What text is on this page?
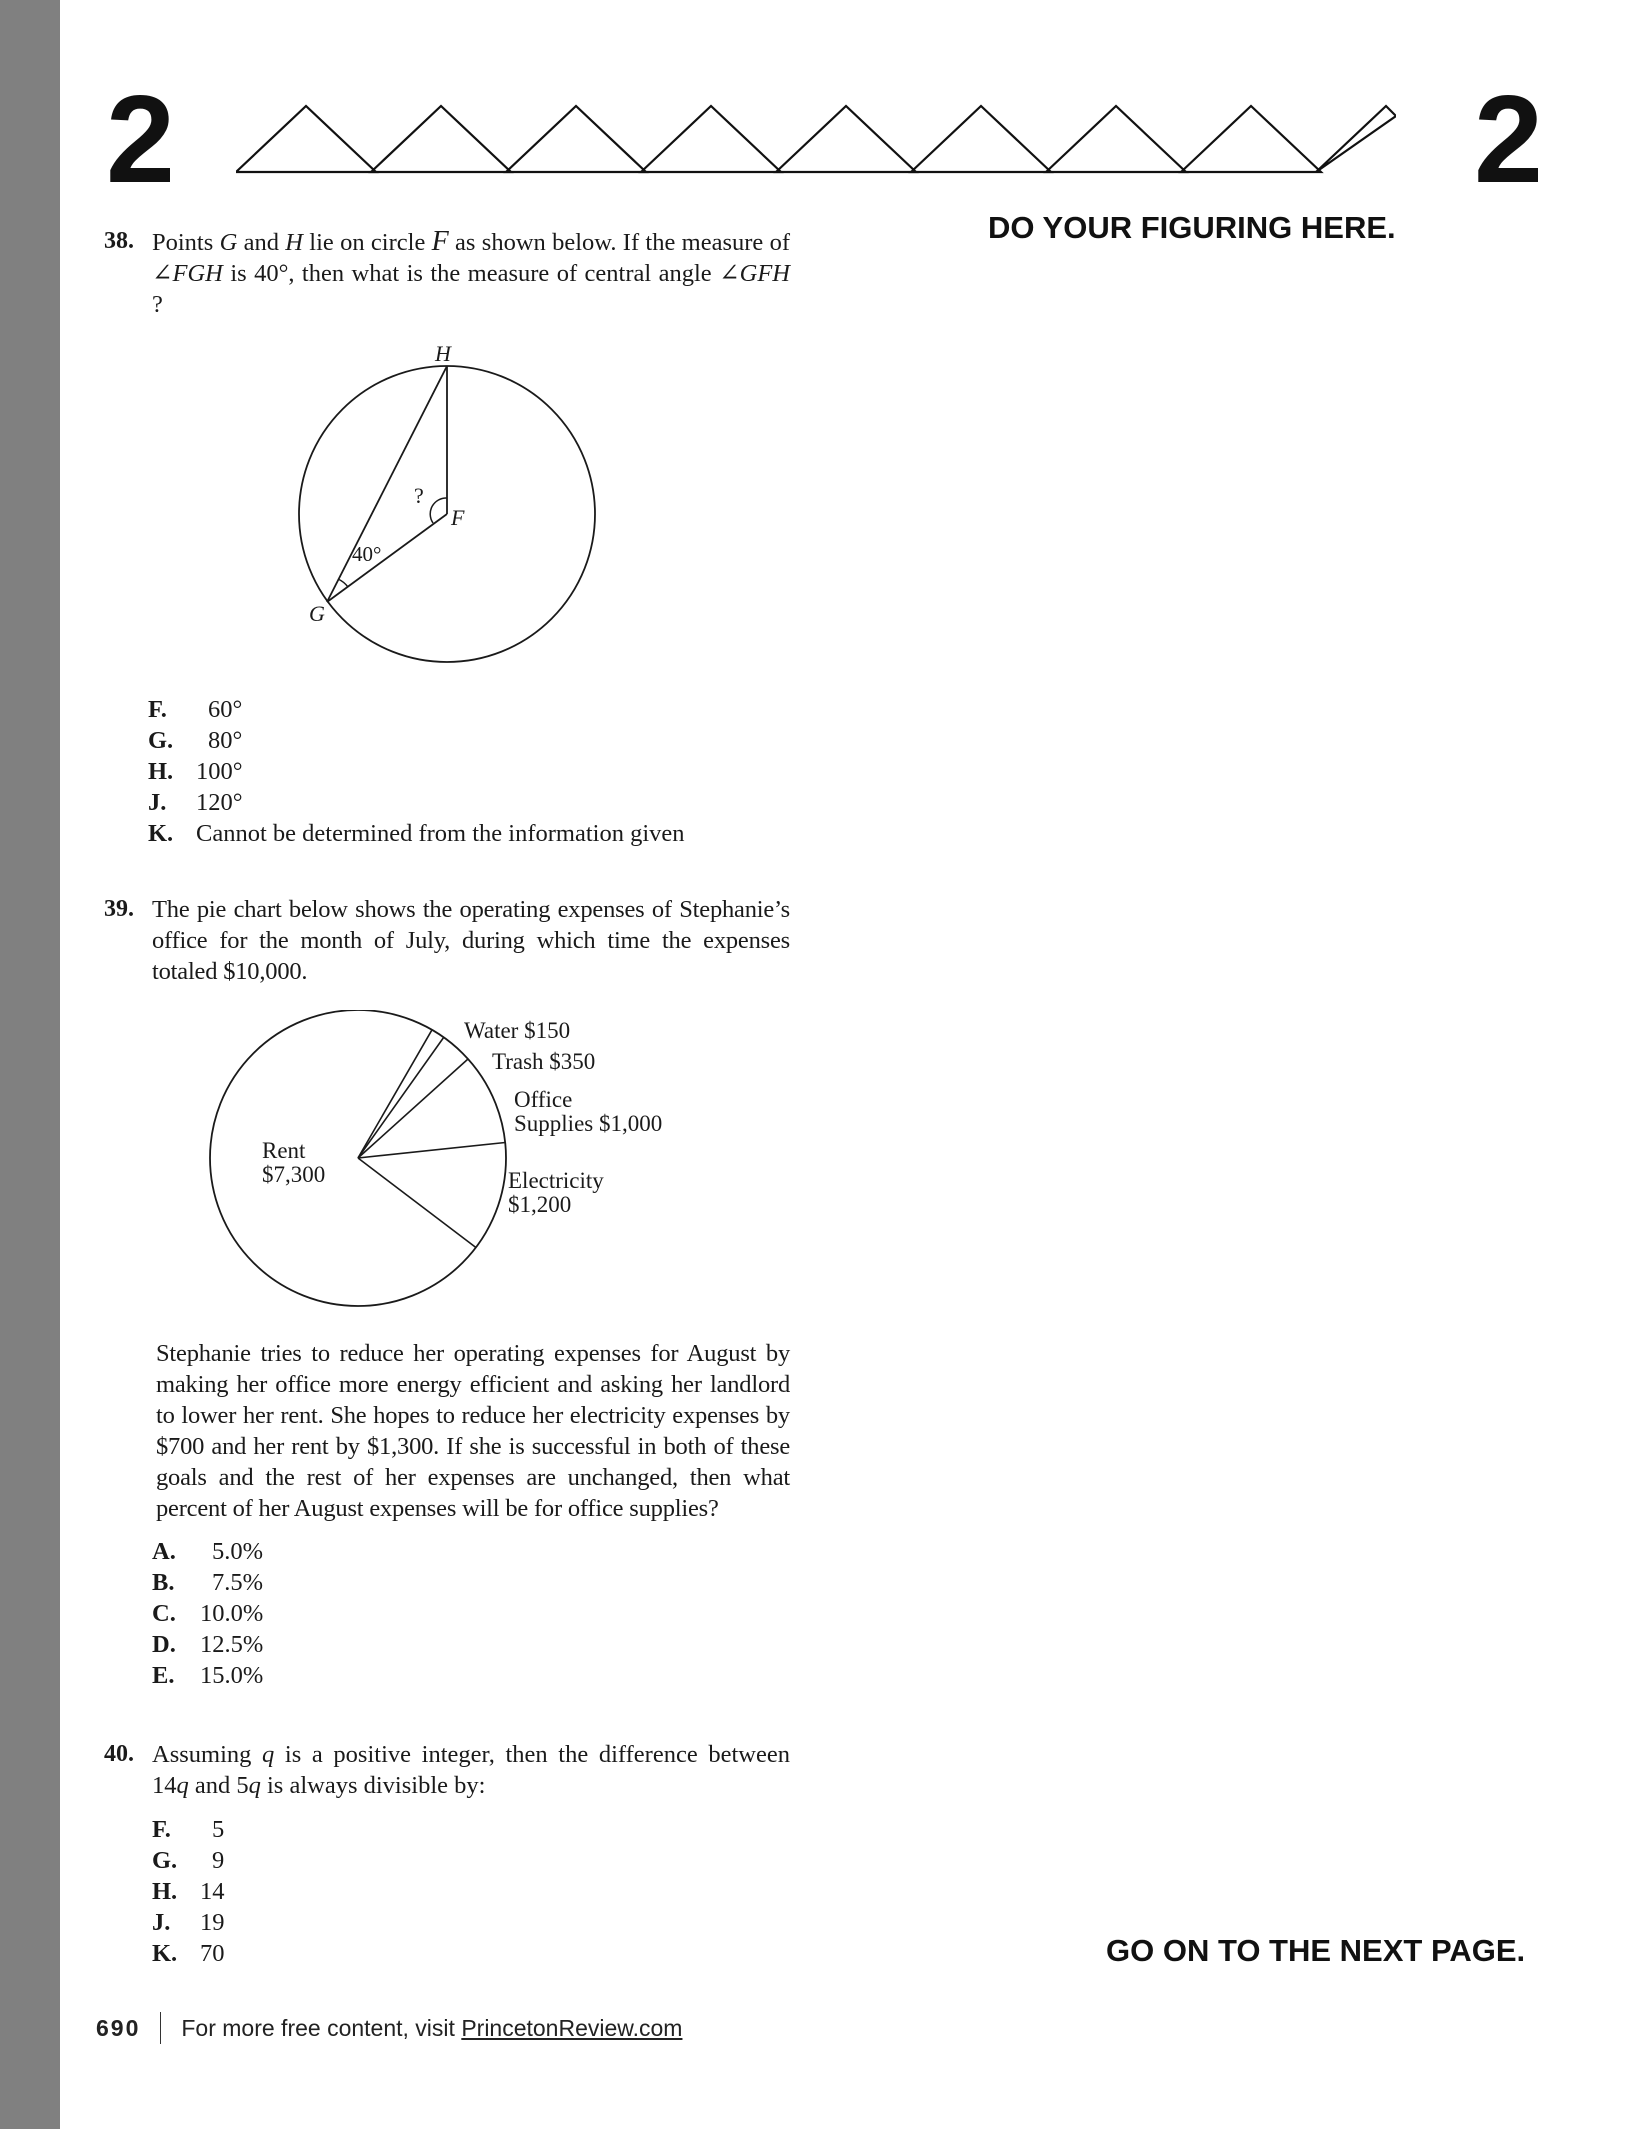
2	2
DO YOUR FIGURING HERE.
38. Points G and H lie on circle F as shown below. If the measure of ∠FGH is 40°, then what is the measure of central angle ∠GFH ?
H
F
G
?
40°
F.	60°
G.	80°
H. 100°
J.	120°
K. Cannot be determined from the information given
39. The pie chart below shows the operating expenses of Stephanie’s office for the month of July, during which time the expenses totaled $10,000.
Water $150
Trash $350
Office
Supplies $1,000
Electricity
$1,200
Rent
$7,300
Stephanie tries to reduce her operating expenses for August by making her office more energy efficient and asking her landlord to lower her rent. She hopes to reduce her electricity expenses by $700 and her rent by $1,300. If she is successful in both of these goals and the rest of her expenses are unchanged, then what percent of her August expenses will be for office supplies?
A.	5.0%
B.	7.5%
C. 10.0%
D. 12.5%
E.	15.0%
40. Assuming q is a positive integer, then the difference between 14q and 5q is always divisible by:
F.	5
G.	9
H. 14
J.	19
K. 70	GO ON TO THE NEXT PAGE.
690 For more free content, visit PrincetonReview.com
